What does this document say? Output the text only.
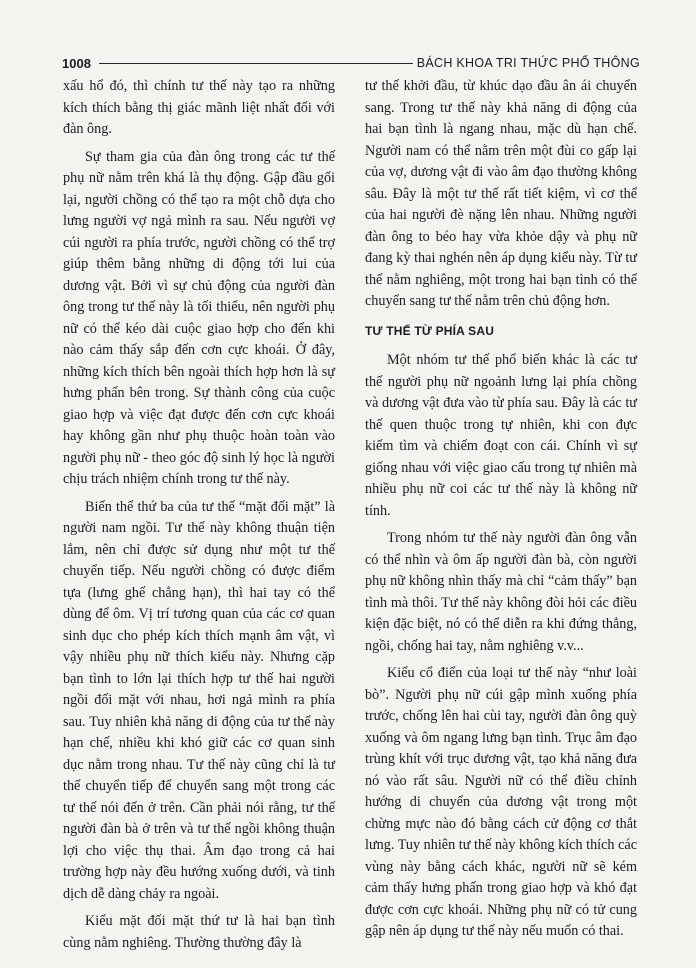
1008	BÁCH KHOA TRI THỨC PHỔ THÔNG

xấu hổ đó, thì chính tư thế này tạo ra những kích thích bằng thị giác mãnh liệt nhất đối với đàn ông.

Sự tham gia của đàn ông trong các tư thế phụ nữ nằm trên khá là thụ động. Gập đầu gối lại, người chồng có thể tạo ra một chỗ dựa cho lưng người vợ ngả mình ra sau. Nếu người vợ cúi người ra phía trước, người chồng có thể trợ giúp thêm bằng những di động tới lui của dương vật. Bởi vì sự chủ động của người đàn ông trong tư thế này là tối thiểu, nên người phụ nữ có thể kéo dài cuộc giao hợp cho đến khi nào cảm thấy sắp đến cơn cực khoái. Ở đây, những kích thích bên ngoài thích hợp hơn là sự hưng phấn bên trong. Sự thành công của cuộc giao hợp và việc đạt được đến cơn cực khoái hay không gần như phụ thuộc hoàn toàn vào người phụ nữ - theo góc độ sinh lý học là người chịu trách nhiệm chính trong tư thế này.

Biến thể thứ ba của tư thế “mặt đối mặt” là người nam ngồi. Tư thế này không thuận tiện lắm, nên chỉ được sử dụng như một tư thế chuyển tiếp. Nếu người chồng có được điểm tựa (lưng ghế chẳng hạn), thì hai tay có thể dùng để ôm. Vị trí tương quan của các cơ quan sinh dục cho phép kích thích mạnh âm vật, vì vậy nhiều phụ nữ thích kiểu này. Nhưng cặp bạn tình to lớn lại thích hợp tư thế hai người ngồi đối mặt với nhau, hơi ngả mình ra phía sau. Tuy nhiên khả năng di động của tư thế này hạn chế, nhiều khi khó giữ các cơ quan sinh dục nằm trong nhau. Tư thế này cũng chỉ là tư thế chuyển tiếp để chuyển sang một trong các tư thế nói đến ở trên. Cần phải nói rằng, tư thế người đàn bà ở trên và tư thế ngồi không thuận lợi cho việc thụ thai. Âm đạo trong cả hai trường hợp này đều hướng xuống dưới, và tinh dịch dễ dàng chảy ra ngoài.

Kiểu mặt đối mặt thứ tư là hai bạn tình cùng nằm nghiêng. Thường thường đây là

tư thế khởi đầu, từ khúc dạo đầu ân ái chuyển sang. Trong tư thế này khả năng di động của hai bạn tình là ngang nhau, mặc dù hạn chế. Người nam có thể nằm trên một đùi co gấp lại của vợ, dương vật đi vào âm đạo thường không sâu. Đây là một tư thế rất tiết kiệm, vì cơ thể của hai người đè nặng lên nhau. Những người đàn ông to béo hay vừa khỏe dậy và phụ nữ đang kỳ thai nghén nên áp dụng kiểu này. Từ tư thế nằm nghiêng, một trong hai bạn tình có thể chuyển sang tư thế nằm trên chủ động hơn.

TƯ THẾ TỪ PHÍA SAU

Một nhóm tư thế phổ biến khác là các tư thế người phụ nữ ngoảnh lưng lại phía chồng và dương vật đưa vào từ phía sau. Đây là các tư thế quen thuộc trong tự nhiên, khi con đực kiếm tìm và chiếm đoạt con cái. Chính vì sự giống nhau với việc giao cấu trong tự nhiên mà nhiều phụ nữ coi các tư thế này là không nữ tính.

Trong nhóm tư thế này người đàn ông vẫn có thể nhìn và ôm ấp người đàn bà, còn người phụ nữ không nhìn thấy mà chỉ “cảm thấy” bạn tình mà thôi. Tư thế này không đòi hỏi các điều kiện đặc biệt, nó có thể diễn ra khi đứng thẳng, ngồi, chống hai tay, nằm nghiêng v.v...

Kiểu cổ điển của loại tư thế này “như loài bò”. Người phụ nữ cúi gập mình xuống phía trước, chống lên hai cùi tay, người đàn ông quỳ xuống và ôm ngang lưng bạn tình. Trục âm đạo trùng khít với trục dương vật, tạo khả năng đưa nó vào rất sâu. Người nữ có thể điều chỉnh hướng di chuyển của dương vật trong một chừng mực nào đó bằng cách cử động cơ thắt lưng. Tuy nhiên tư thế này không kích thích các vùng này bằng cách khác, người nữ sẽ kém cảm thấy hưng phấn trong giao hợp và khó đạt được cơn cực khoái. Những phụ nữ có tử cung gập nên áp dụng tư thế này nếu muốn có thai.
